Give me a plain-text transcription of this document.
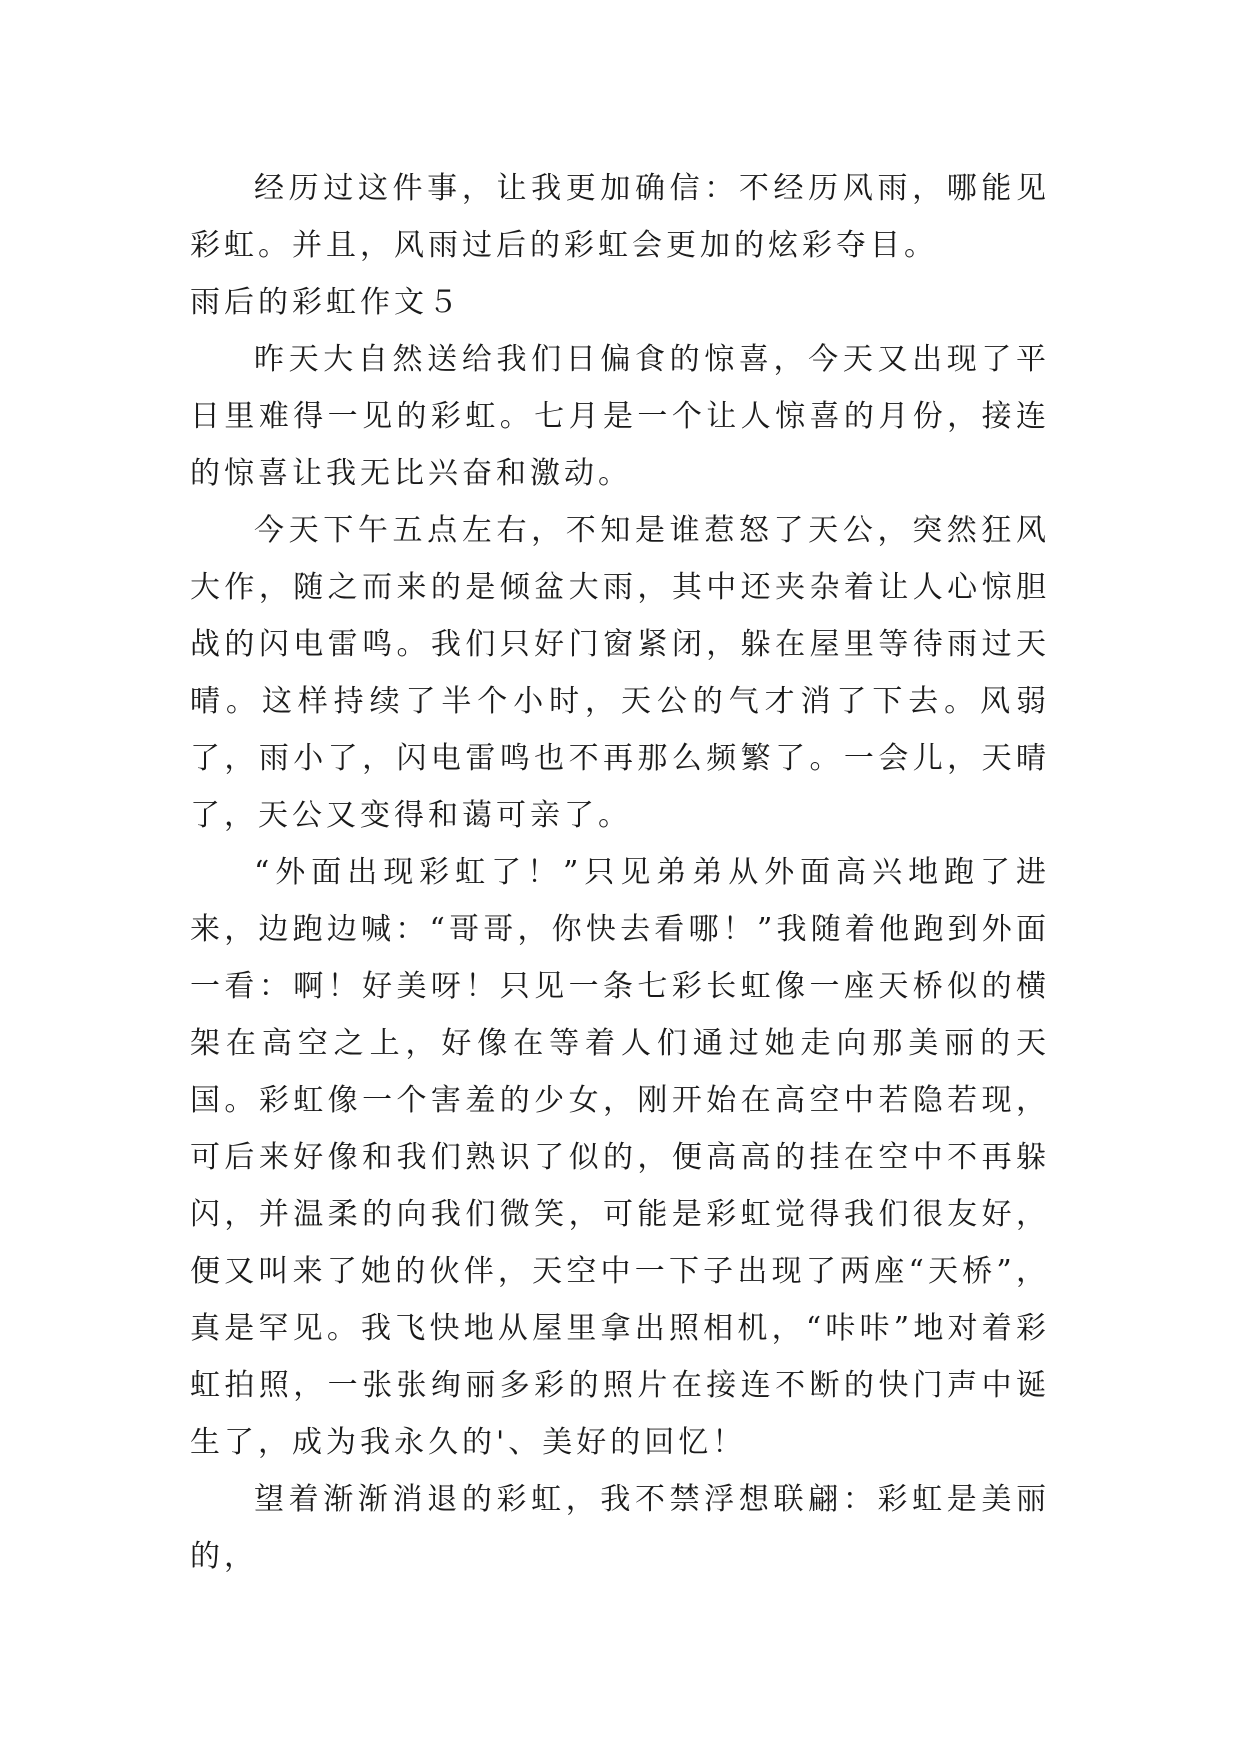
经历过这件事，让我更加确信：不经历风雨，哪能见彩虹。并且，风雨过后的彩虹会更加的炫彩夺目。

雨后的彩虹作文５

昨天大自然送给我们日偏食的惊喜，今天又出现了平日里难得一见的彩虹。七月是一个让人惊喜的月份，接连的惊喜让我无比兴奋和激动。

今天下午五点左右，不知是谁惹怒了天公，突然狂风大作，随之而来的是倾盆大雨，其中还夹杂着让人心惊胆战的闪电雷鸣。我们只好门窗紧闭，躲在屋里等待雨过天晴。这样持续了半个小时，天公的气才消了下去。风弱了，雨小了，闪电雷鸣也不再那么频繁了。一会儿，天晴了，天公又变得和蔼可亲了。

“外面出现彩虹了！”只见弟弟从外面高兴地跑了进来，边跑边喊：“哥哥，你快去看哪！”我随着他跑到外面一看：啊！好美呀！只见一条七彩长虹像一座天桥似的横架在高空之上，好像在等着人们通过她走向那美丽的天国。彩虹像一个害羞的少女，刚开始在高空中若隐若现，可后来好像和我们熟识了似的，便高高的挂在空中不再躲闪，并温柔的向我们微笑，可能是彩虹觉得我们很友好，便又叫来了她的伙伴，天空中一下子出现了两座“天桥”，真是罕见。我飞快地从屋里拿出照相机，“咔咔”地对着彩虹拍照，一张张绚丽多彩的照片在接连不断的快门声中诞生了，成为我永久的'、美好的回忆！

望着渐渐消退的彩虹，我不禁浮想联翩：彩虹是美丽的，
